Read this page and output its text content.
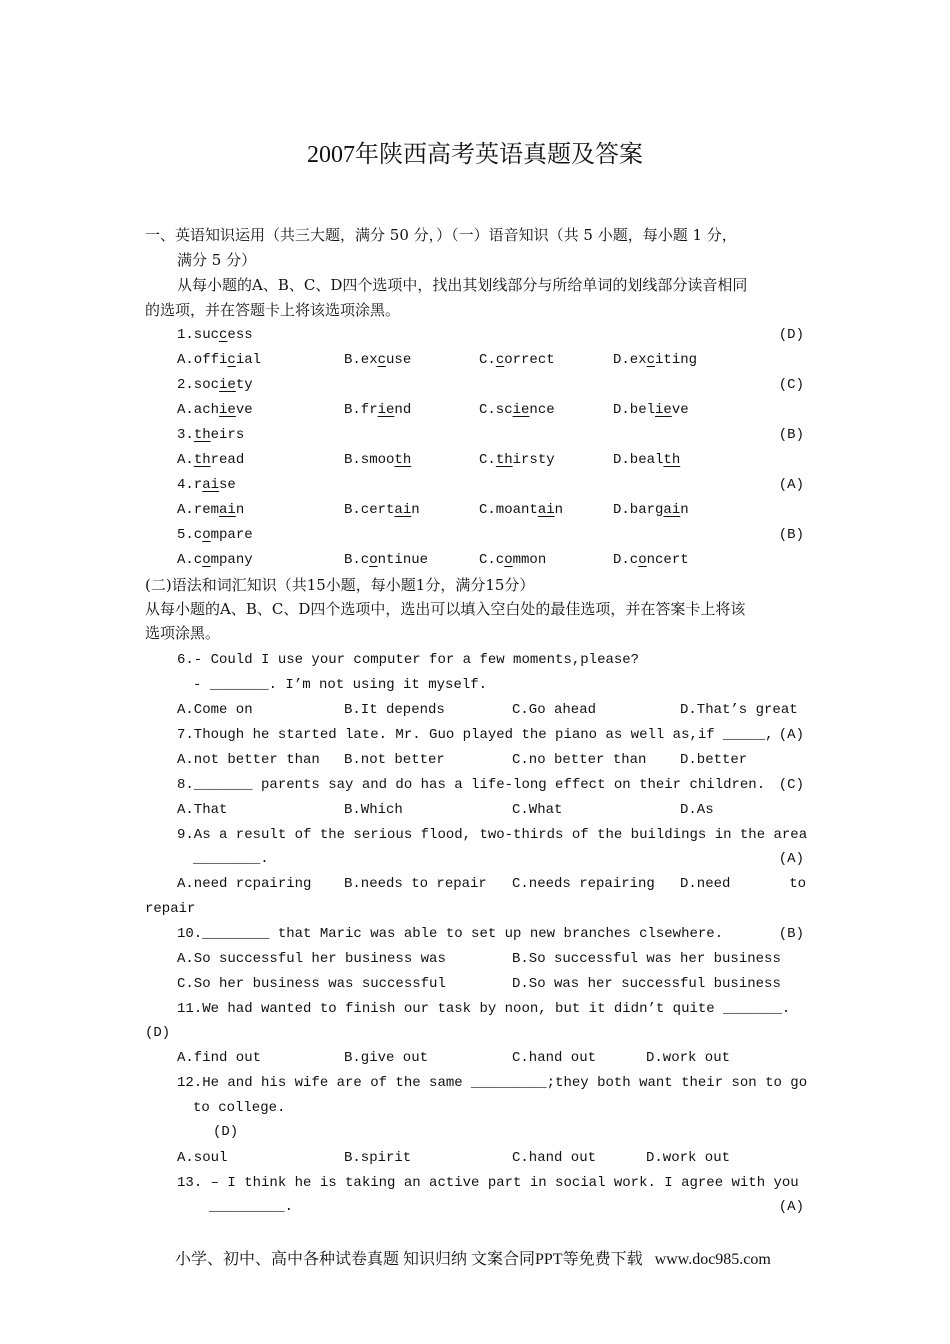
2007年陕西高考英语真题及答案
一、英语知识运用（共三大题，满分 50 分，）（一）语音知识（共 5 小题，每小题 1 分，
满分 5 分）
从每小题的A、B、C、D四个选项中，找出其划线部分与所给单词的划线部分读音相同
的选项，并在答题卡上将该选项涂黑。
1.success	(D)
A.official	B.excuse	C.correct	D.exciting
2.society	(C)
A.achieve	B.friend	C.science	D.believe
3.theirs	(B)
A.thread	B.smooth	C.thirsty	D.bealth
4.raise	(A)
A.remain	B.certain	C.moantain	D.bargain
5.compare	(B)
A.company	B.continue	C.common	D.concert
(二)语法和词汇知识（共15小题，每小题1分，满分15分）
从每小题的A、B、C、D四个选项中，选出可以填入空白处的最佳选项，并在答案卡上将该
选项涂黑。
6.- Could I use your computer for a few moments,please?
- _______. I’m not using it myself.
A.Come on	B.It depends	C.Go ahead	D.That’s great
7.Though he started late. Mr. Guo played the piano as well as,if _____, (A)
A.not better than B.not better	C.no better than D.better
8._______ parents say and do has a life-long effect on their children. (C)
A.That	B.Which	C.What	D.As
9.As a result of the serious flood, two-thirds of the buildings in the area
________.	(A)
A.need rcpairing B.needs to repair C.needs repairing D.need       to
repair
10.________ that Maric was able to set up new branches clsewhere.	(B)
A.So successful her business was	B.So successful was her business
C.So her business was successful	D.So was her successful business
11.We had wanted to finish our task by noon, but it didn’t quite _______.
(D)
A.find out	B.give out	C.hand out	D.work out
12.He and his wife are of the same _________;they both want their son to go
to college.
(D)
A.soul	B.spirit	C.hand out	D.work out
13. – I think he is taking an active part in social work. I agree with you
_________.	(A)
小学、初中、高中各种试卷真题 知识归纳 文案合同PPT等免费下载   www.doc985.com
